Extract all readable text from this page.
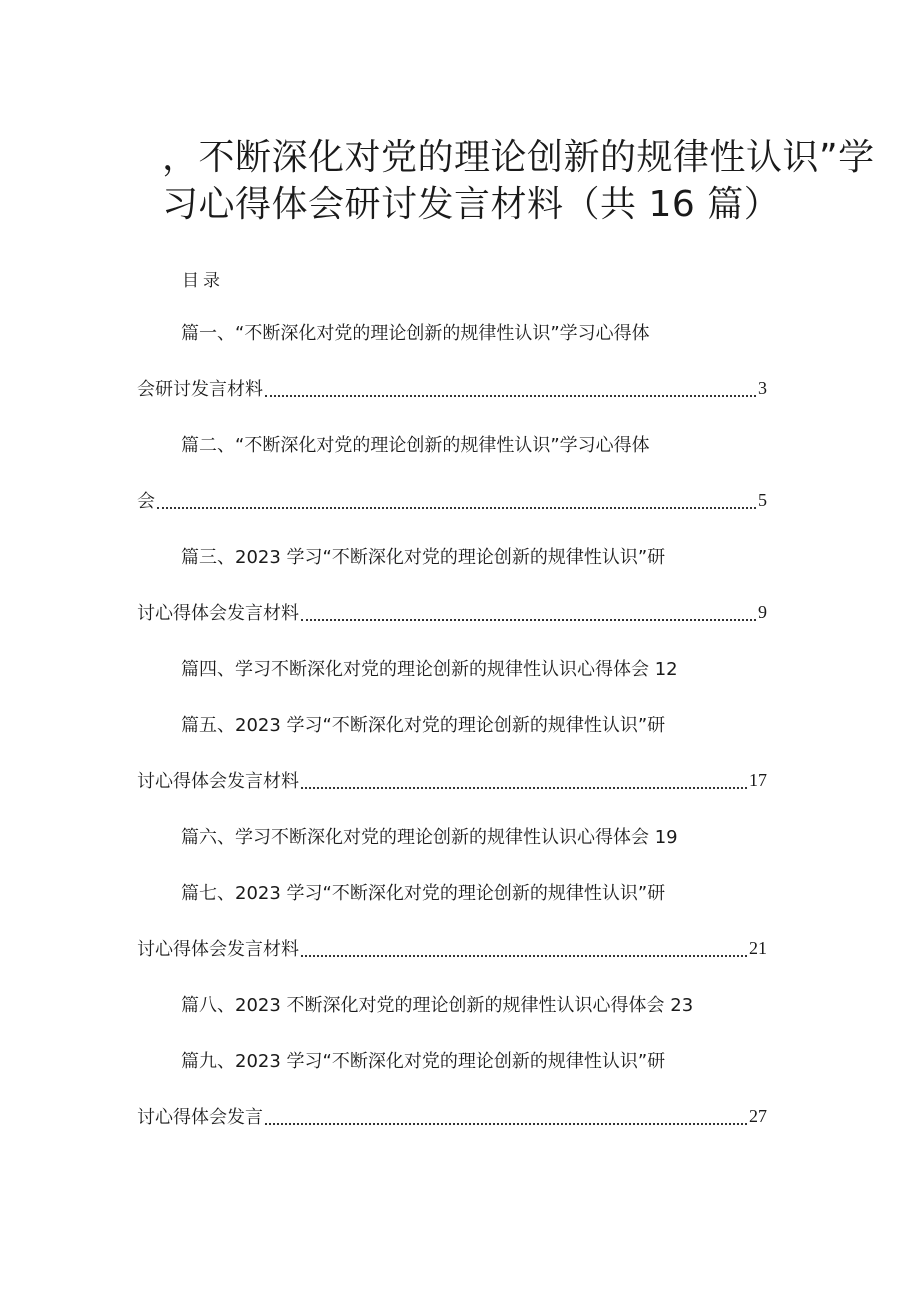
，不断深化对党的理论创新的规律性认识”学
习心得体会研讨发言材料（共 16 篇）
目录
篇一、“不断深化对党的理论创新的规律性认识”学习心得体
会研讨发言材料	3
篇二、“不断深化对党的理论创新的规律性认识”学习心得体
会	5
篇三、2023 学习“不断深化对党的理论创新的规律性认识”研
讨心得体会发言材料	9
篇四、学习不断深化对党的理论创新的规律性认识心得体会 12
篇五、2023 学习“不断深化对党的理论创新的规律性认识”研
讨心得体会发言材料	17
篇六、学习不断深化对党的理论创新的规律性认识心得体会 19
篇七、2023 学习“不断深化对党的理论创新的规律性认识”研
讨心得体会发言材料	21
篇八、2023 不断深化对党的理论创新的规律性认识心得体会 23
篇九、2023 学习“不断深化对党的理论创新的规律性认识”研
讨心得体会发言	27
